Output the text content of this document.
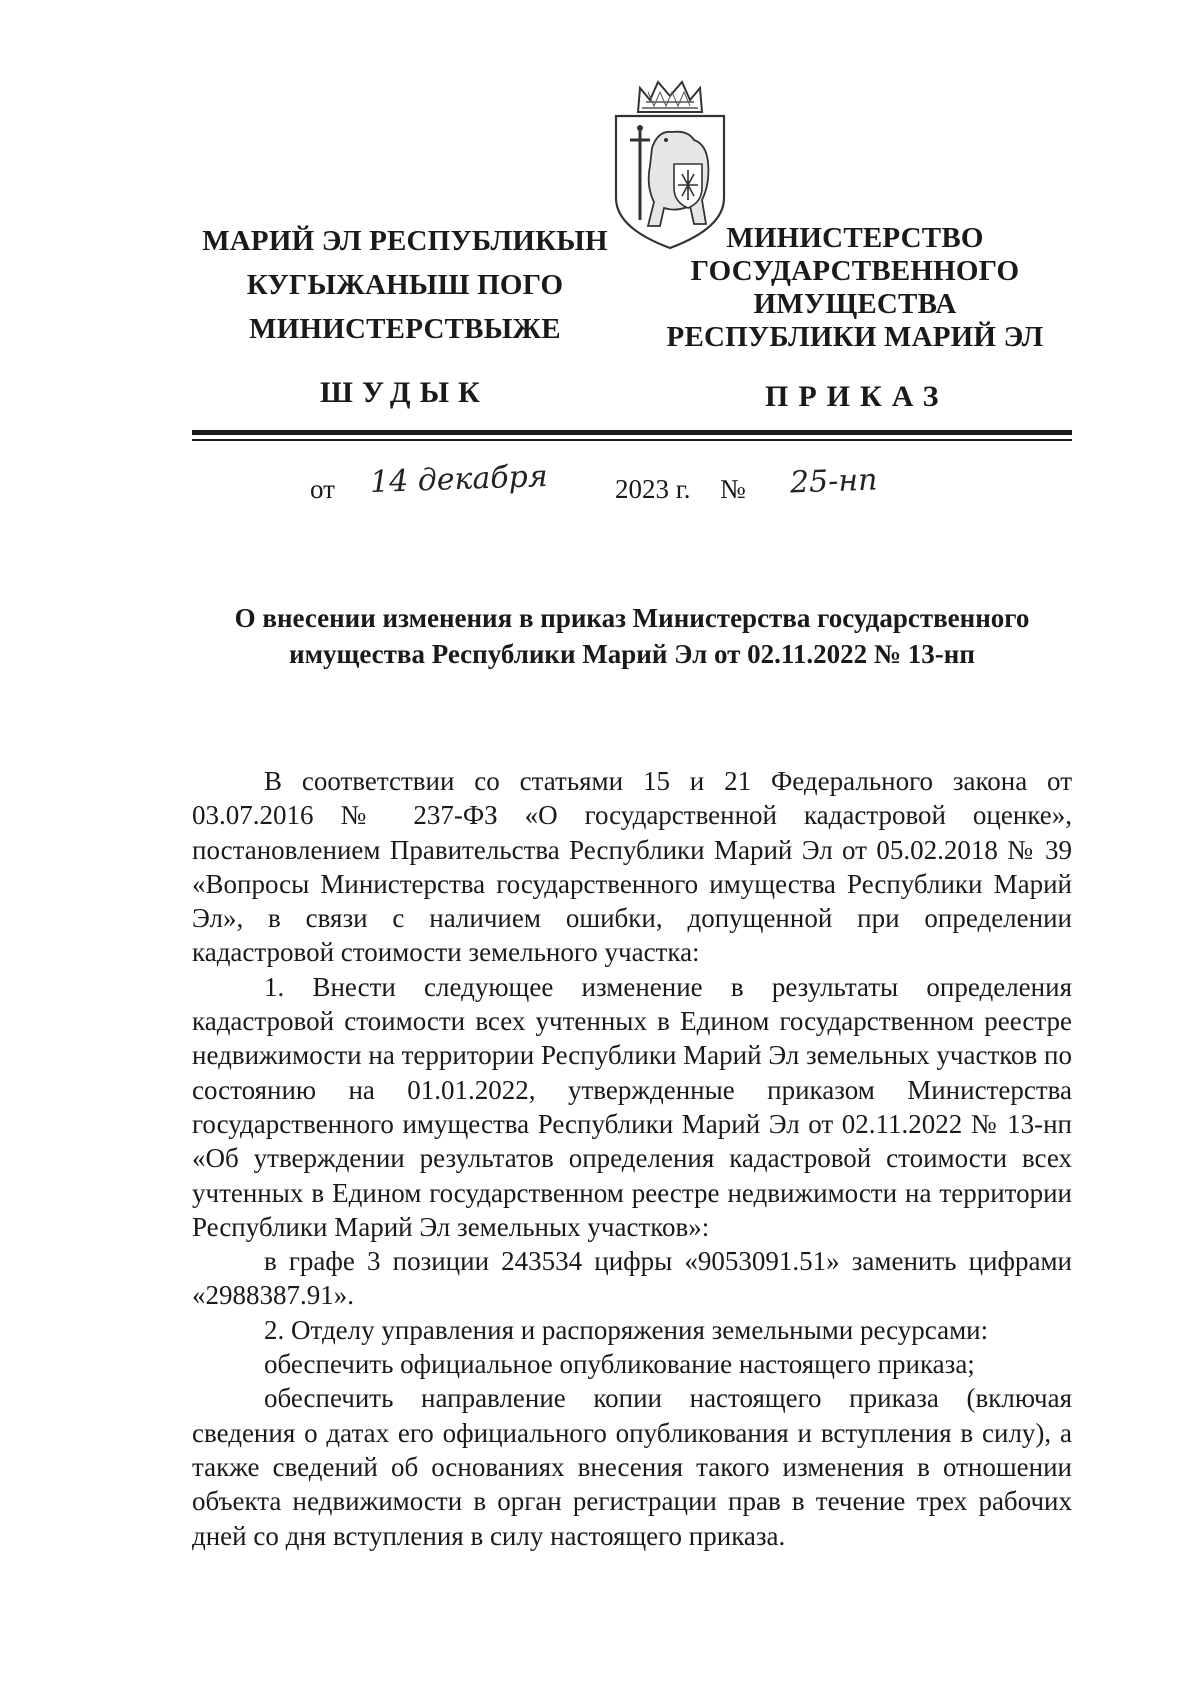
МАРИЙ ЭЛ РЕСПУБЛИКЫН
КУГЫЖАНЫШ ПОГО
МИНИСТЕРСТВЫЖЕ
ШУДЫК
МИНИСТЕРСТВО
ГОСУДАРСТВЕННОГО
ИМУЩЕСТВА
РЕСПУБЛИКИ МАРИЙ ЭЛ
ПРИКАЗ
от 14 декабря 2023 г. № 25-нп
О внесении изменения в приказ Министерства государственного
имущества Республики Марий Эл от 02.11.2022 № 13-нп

В соответствии со статьями 15 и 21 Федерального закона от 03.07.2016 № 237-ФЗ «О государственной кадастровой оценке», постановлением Правительства Республики Марий Эл от 05.02.2018 № 39 «Вопросы Министерства государственного имущества Республики Марий Эл», в связи с наличием ошибки, допущенной при определении кадастровой стоимости земельного участка:

1. Внести следующее изменение в результаты определения кадастровой стоимости всех учтенных в Едином государственном реестре недвижимости на территории Республики Марий Эл земельных участков по состоянию на 01.01.2022, утвержденные приказом Министерства государственного имущества Республики Марий Эл от 02.11.2022 № 13-нп «Об утверждении результатов определения кадастровой стоимости всех учтенных в Едином государственном реестре недвижимости на территории Республики Марий Эл земельных участков»:

в графе 3 позиции 243534 цифры «9053091.51» заменить цифрами «2988387.91».

2. Отделу управления и распоряжения земельными ресурсами:

обеспечить официальное опубликование настоящего приказа;

обеспечить направление копии настоящего приказа (включая сведения о датах его официального опубликования и вступления в силу), а также сведений об основаниях внесения такого изменения в отношении объекта недвижимости в орган регистрации прав в течение трех рабочих дней со дня вступления в силу настоящего приказа.
